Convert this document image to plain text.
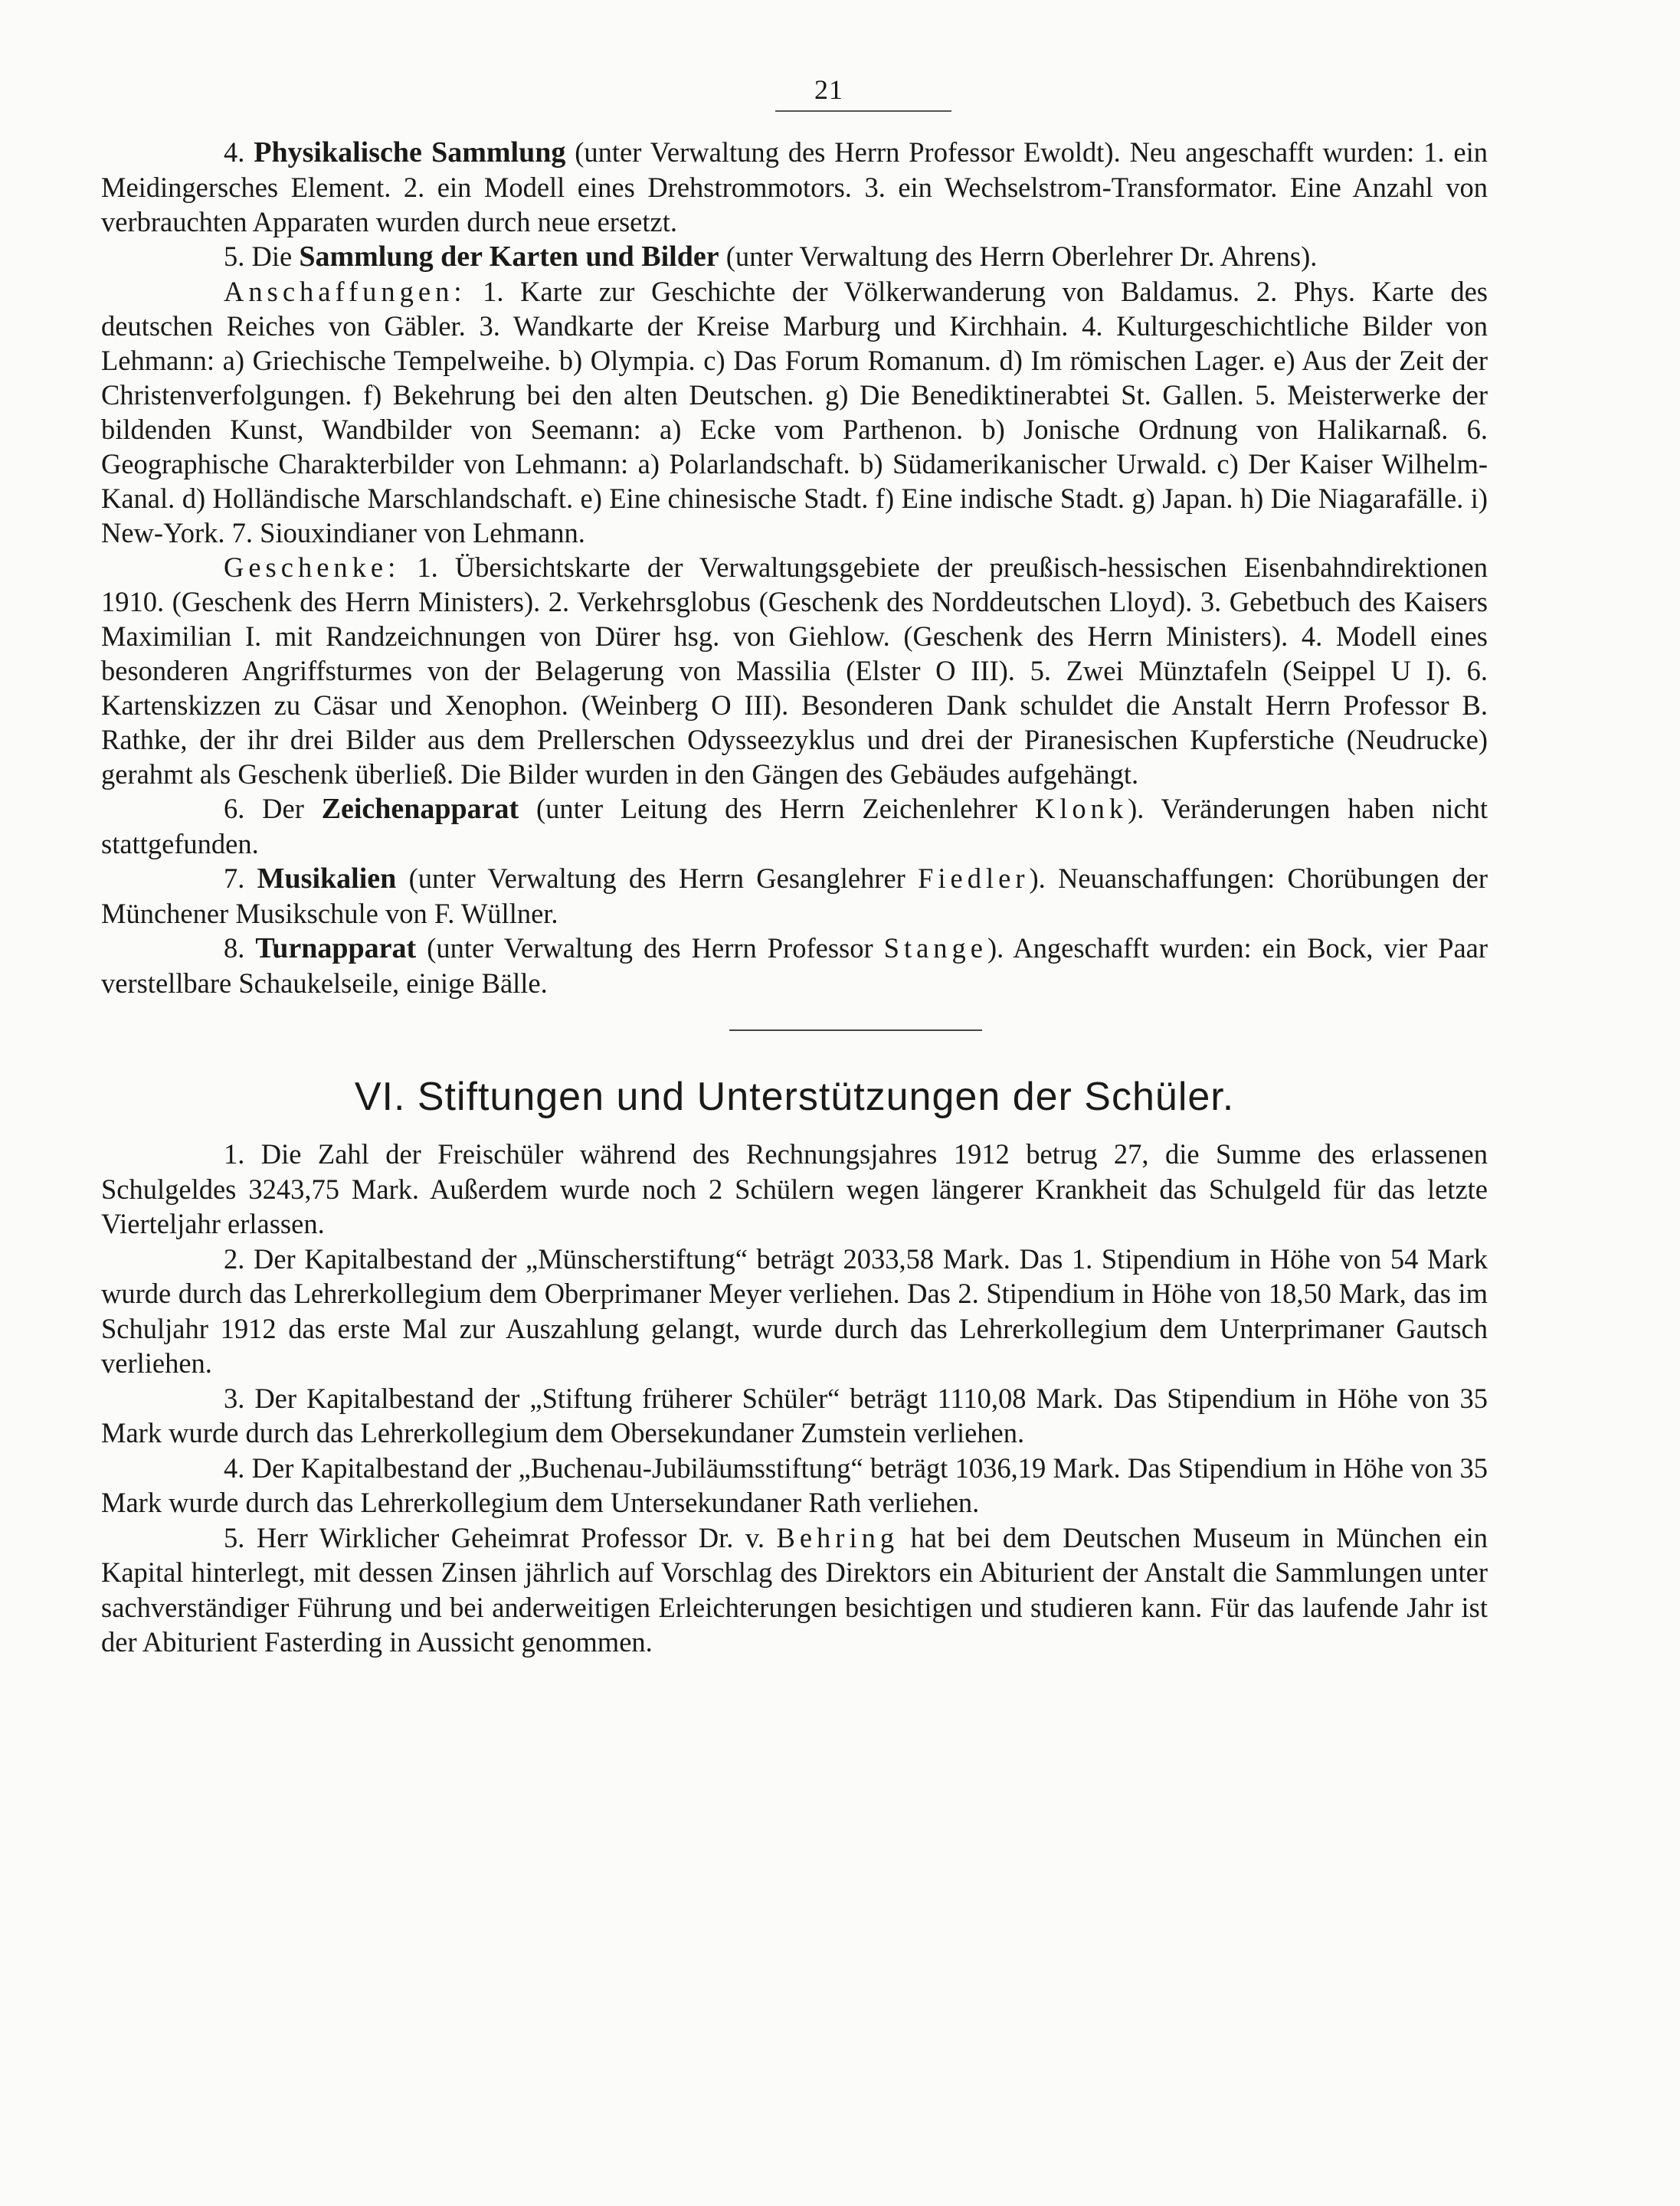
21

4. Physikalische Sammlung (unter Verwaltung des Herrn Professor Ewoldt). Neu angeschafft wurden: 1. ein Meidingersches Element. 2. ein Modell eines Drehstrommotors. 3. ein Wechselstrom-Transformator. Eine Anzahl von verbrauchten Apparaten wurden durch neue ersetzt.

5. Die Sammlung der Karten und Bilder (unter Verwaltung des Herrn Oberlehrer Dr. Ahrens).

Anschaffungen: 1. Karte zur Geschichte der Völkerwanderung von Baldamus. 2. Phys. Karte des deutschen Reiches von Gäbler. 3. Wandkarte der Kreise Marburg und Kirchhain. 4. Kulturgeschichtliche Bilder von Lehmann: a) Griechische Tempelweihe. b) Olympia. c) Das Forum Romanum. d) Im römischen Lager. e) Aus der Zeit der Christenverfolgungen. f) Bekehrung bei den alten Deutschen. g) Die Benediktinerabtei St. Gallen. 5. Meisterwerke der bildenden Kunst, Wandbilder von Seemann: a) Ecke vom Parthenon. b) Jonische Ordnung von Halikarnaß. 6. Geographische Charakterbilder von Lehmann: a) Polarlandschaft. b) Südamerikanischer Urwald. c) Der Kaiser Wilhelm-Kanal. d) Holländische Marschlandschaft. e) Eine chinesische Stadt. f) Eine indische Stadt. g) Japan. h) Die Niagarafälle. i) New-York. 7. Siouxindianer von Lehmann.

Geschenke: 1. Übersichtskarte der Verwaltungsgebiete der preußisch-hessischen Eisenbahndirektionen 1910. (Geschenk des Herrn Ministers). 2. Verkehrsglobus (Geschenk des Norddeutschen Lloyd). 3. Gebetbuch des Kaisers Maximilian I. mit Randzeichnungen von Dürer hsg. von Giehlow. (Geschenk des Herrn Ministers). 4. Modell eines besonderen Angriffsturmes von der Belagerung von Massilia (Elster O III). 5. Zwei Münztafeln (Seippel U I). 6. Kartenskizzen zu Cäsar und Xenophon. (Weinberg O III). Besonderen Dank schuldet die Anstalt Herrn Professor B. Rathke, der ihr drei Bilder aus dem Prellerschen Odysseezyklus und drei der Piranesischen Kupferstiche (Neudrucke) gerahmt als Geschenk überließ. Die Bilder wurden in den Gängen des Gebäudes aufgehängt.

6. Der Zeichenapparat (unter Leitung des Herrn Zeichenlehrer Klonk). Veränderungen haben nicht stattgefunden.

7. Musikalien (unter Verwaltung des Herrn Gesanglehrer Fiedler). Neuanschaffungen: Chorübungen der Münchener Musikschule von F. Wüllner.

8. Turnapparat (unter Verwaltung des Herrn Professor Stange). Angeschafft wurden: ein Bock, vier Paar verstellbare Schaukelseile, einige Bälle.

VI. Stiftungen und Unterstützungen der Schüler.

1. Die Zahl der Freischüler während des Rechnungsjahres 1912 betrug 27, die Summe des erlassenen Schulgeldes 3243,75 Mark. Außerdem wurde noch 2 Schülern wegen längerer Krankheit das Schulgeld für das letzte Vierteljahr erlassen.

2. Der Kapitalbestand der „Münscherstiftung“ beträgt 2033,58 Mark. Das 1. Stipendium in Höhe von 54 Mark wurde durch das Lehrerkollegium dem Oberprimaner Meyer verliehen. Das 2. Stipendium in Höhe von 18,50 Mark, das im Schuljahr 1912 das erste Mal zur Auszahlung gelangt, wurde durch das Lehrerkollegium dem Unterprimaner Gautsch verliehen.

3. Der Kapitalbestand der „Stiftung früherer Schüler“ beträgt 1110,08 Mark. Das Stipendium in Höhe von 35 Mark wurde durch das Lehrerkollegium dem Obersekundaner Zumstein verliehen.

4. Der Kapitalbestand der „Buchenau-Jubiläumsstiftung“ beträgt 1036,19 Mark. Das Stipendium in Höhe von 35 Mark wurde durch das Lehrerkollegium dem Untersekundaner Rath verliehen.

5. Herr Wirklicher Geheimrat Professor Dr. v. Behring hat bei dem Deutschen Museum in München ein Kapital hinterlegt, mit dessen Zinsen jährlich auf Vorschlag des Direktors ein Abiturient der Anstalt die Sammlungen unter sachverständiger Führung und bei anderweitigen Erleichterungen besichtigen und studieren kann. Für das laufende Jahr ist der Abiturient Fasterding in Aussicht genommen.
